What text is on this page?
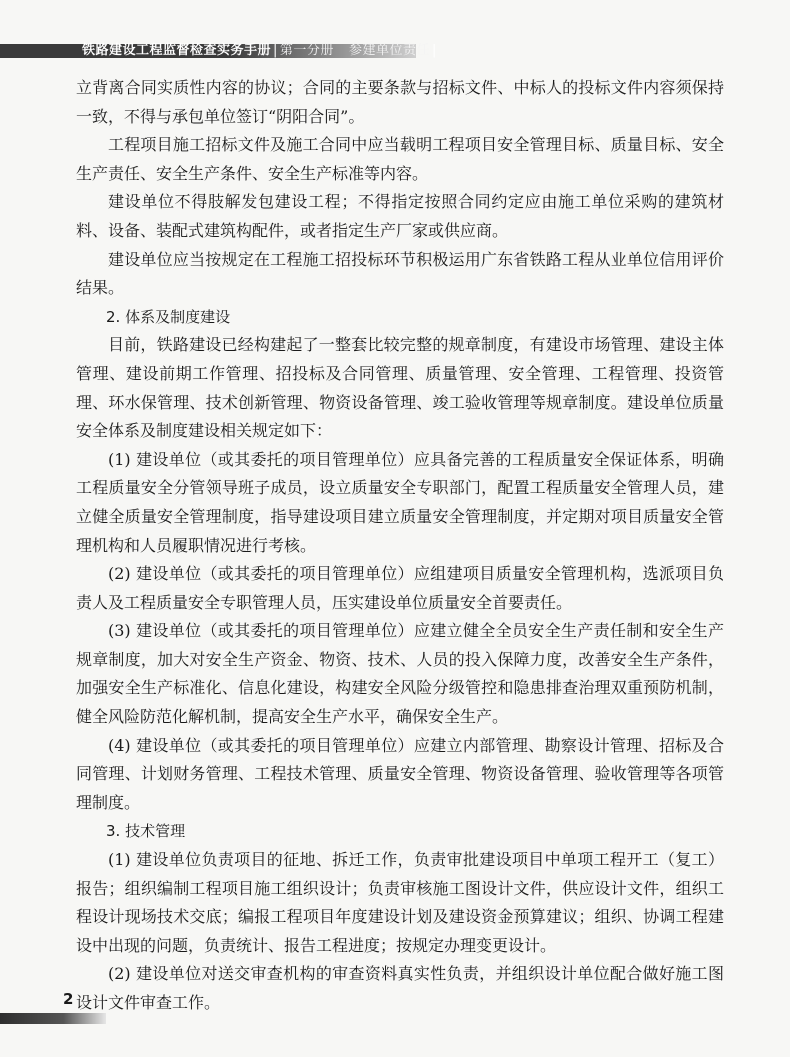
铁路建设工程监督检查实务手册 | 第一分册 参建单位责任 |

立背离合同实质性内容的协议；合同的主要条款与招标文件、中标人的投标文件内容须保持一致，不得与承包单位签订“阴阳合同”。

工程项目施工招标文件及施工合同中应当载明工程项目安全管理目标、质量目标、安全生产责任、安全生产条件、安全生产标准等内容。

建设单位不得肢解发包建设工程；不得指定按照合同约定应由施工单位采购的建筑材料、设备、装配式建筑构配件，或者指定生产厂家或供应商。

建设单位应当按规定在工程施工招投标环节积极运用广东省铁路工程从业单位信用评价结果。

2. 体系及制度建设

目前，铁路建设已经构建起了一整套比较完整的规章制度，有建设市场管理、建设主体管理、建设前期工作管理、招投标及合同管理、质量管理、安全管理、工程管理、投资管理、环水保管理、技术创新管理、物资设备管理、竣工验收管理等规章制度。建设单位质量安全体系及制度建设相关规定如下：

(1) 建设单位（或其委托的项目管理单位）应具备完善的工程质量安全保证体系，明确工程质量安全分管领导班子成员，设立质量安全专职部门，配置工程质量安全管理人员，建立健全质量安全管理制度，指导建设项目建立质量安全管理制度，并定期对项目质量安全管理机构和人员履职情况进行考核。

(2) 建设单位（或其委托的项目管理单位）应组建项目质量安全管理机构，选派项目负责人及工程质量安全专职管理人员，压实建设单位质量安全首要责任。

(3) 建设单位（或其委托的项目管理单位）应建立健全全员安全生产责任制和安全生产规章制度，加大对安全生产资金、物资、技术、人员的投入保障力度，改善安全生产条件，加强安全生产标准化、信息化建设，构建安全风险分级管控和隐患排查治理双重预防机制，健全风险防范化解机制，提高安全生产水平，确保安全生产。

(4) 建设单位（或其委托的项目管理单位）应建立内部管理、勘察设计管理、招标及合同管理、计划财务管理、工程技术管理、质量安全管理、物资设备管理、验收管理等各项管理制度。

3. 技术管理

(1) 建设单位负责项目的征地、拆迁工作，负责审批建设项目中单项工程开工（复工）报告；组织编制工程项目施工组织设计；负责审核施工图设计文件，供应设计文件，组织工程设计现场技术交底；编报工程项目年度建设计划及建设资金预算建议；组织、协调工程建设中出现的问题，负责统计、报告工程进度；按规定办理变更设计。

(2) 建设单位对送交审查机构的审查资料真实性负责，并组织设计单位配合做好施工图设计文件审查工作。

2
